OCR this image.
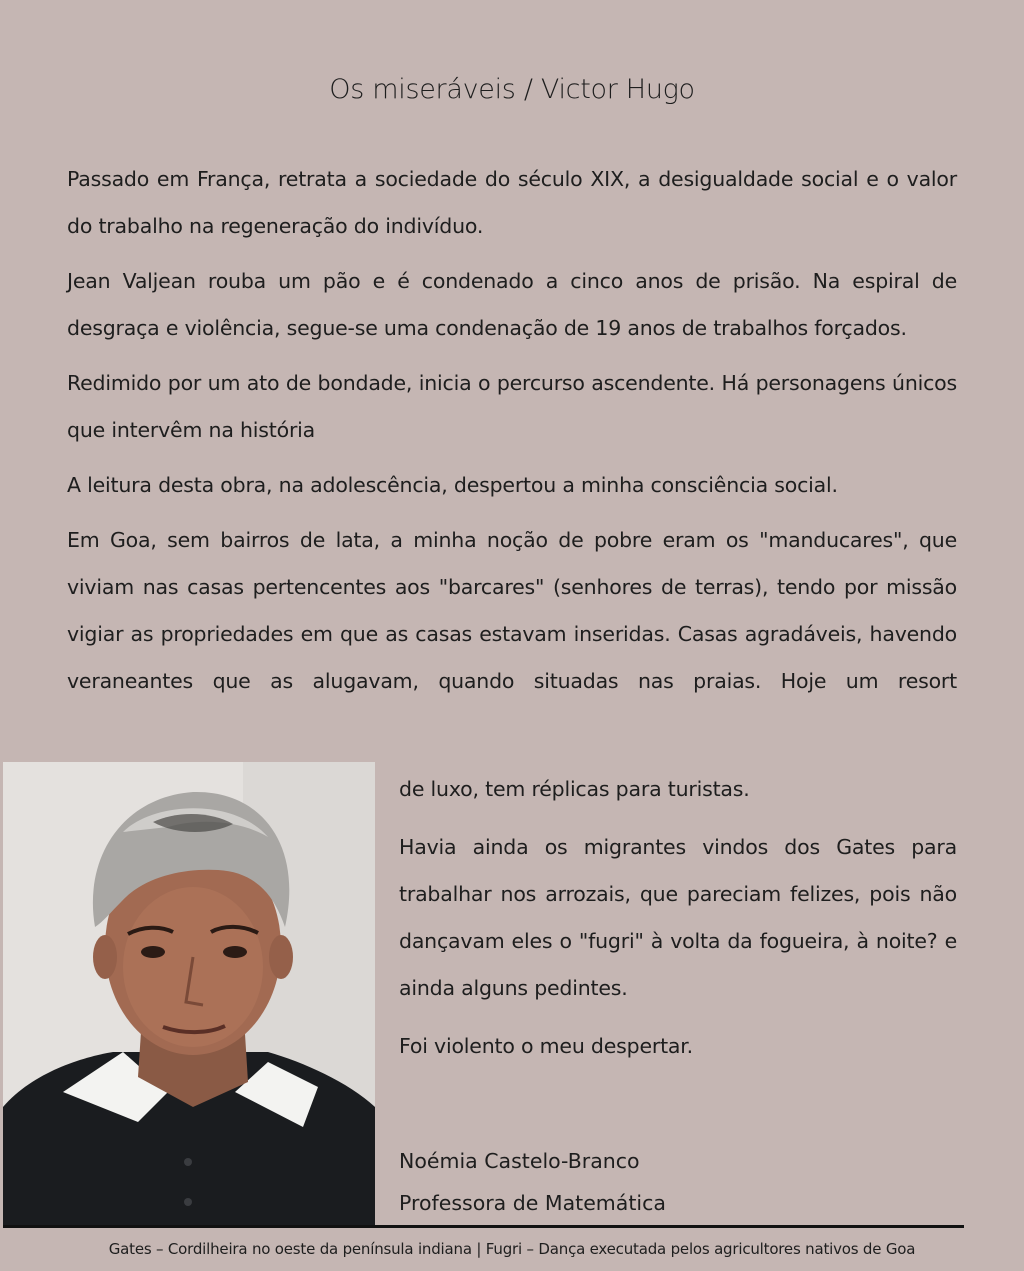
Os miseráveis / Victor Hugo

Passado em França, retrata a sociedade do século XIX, a desigualdade social e o valor do trabalho na regeneração do indivíduo.

Jean Valjean rouba um pão e é condenado a cinco anos de prisão. Na espiral de desgraça e violência, segue-se uma condenação de 19 anos de trabalhos forçados.

Redimido por um ato de bondade, inicia o percurso ascendente. Há personagens únicos que intervêm na história

A leitura desta obra, na adolescência, despertou a minha consciência social.

Em Goa, sem bairros de lata, a minha noção de pobre eram os "manducares", que viviam nas casas pertencentes aos "barcares" (senhores de terras), tendo por missão vigiar as propriedades em que as casas estavam inseridas. Casas agradáveis, havendo veraneantes que as alugavam, quando situadas nas praias. Hoje um resort

de luxo, tem réplicas para turistas.

Havia ainda os migrantes vindos dos Gates para trabalhar nos arrozais, que pareciam felizes, pois não dançavam eles o "fugri" à volta da fogueira, à noite? e ainda alguns pedintes.

Foi violento o meu despertar.

Noémia Castelo-Branco
Professora de Matemática
Gates – Cordilheira no oeste da península indiana | Fugri – Dança executada pelos agricultores nativos de Goa
